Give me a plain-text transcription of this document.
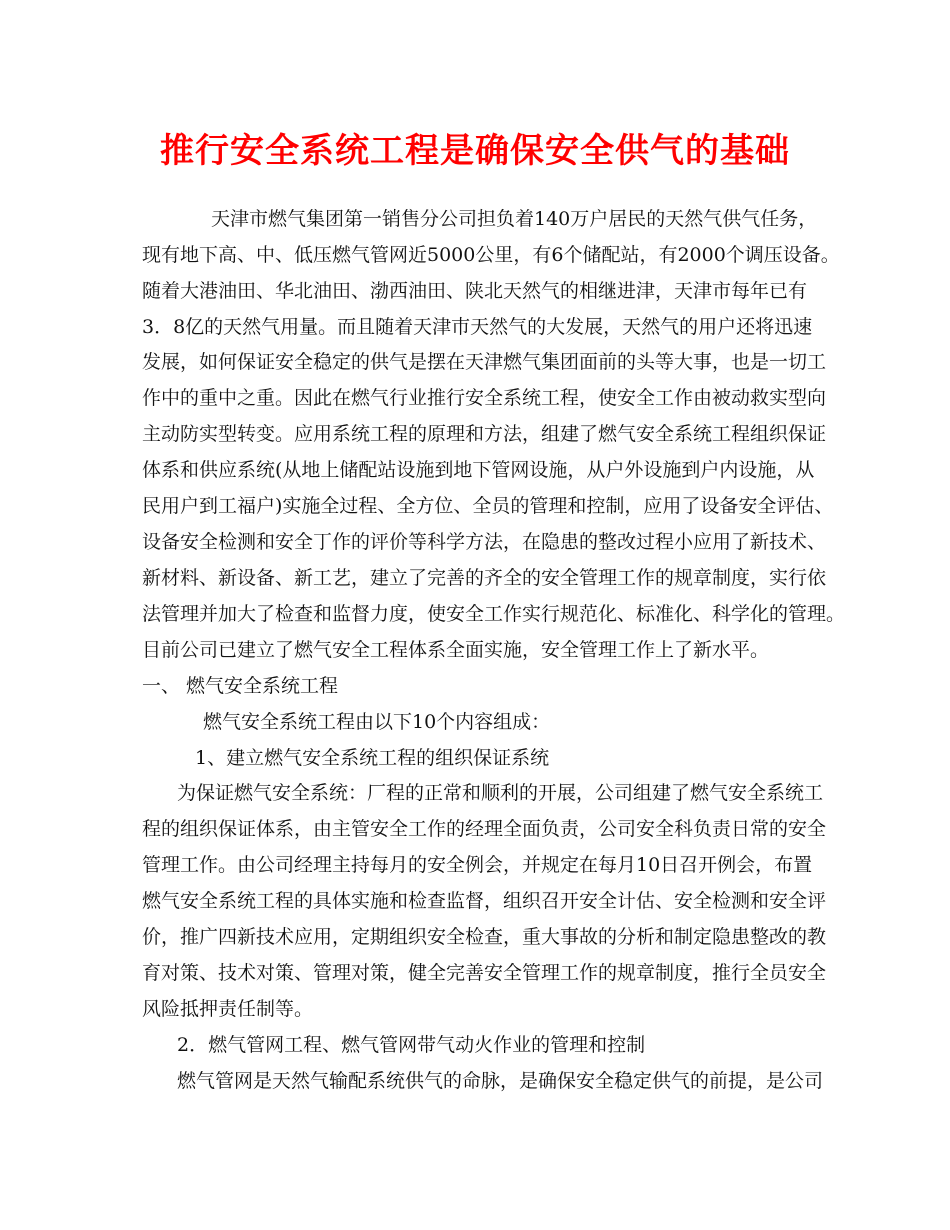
推行安全系统工程是确保安全供气的基础
天津市燃气集团第一销售分公司担负着140万户居民的天然气供气任务，
现有地下高、中、低压燃气管网近5000公里，有6个储配站，有2000个调压设备。
随着大港油田、华北油田、渤西油田、陕北天然气的相继进津，天津市每年已有
3．8亿的天然气用量。而且随着天津巿天然气的大发展，天然气的用户还将迅速
发展，如何保证安全稳定的供气是摆在天津燃气集团面前的头等大事，也是一切工
作中的重中之重。因此在燃气行业推行安全系统工程，使安全工作由被动救实型向
主动防实型转变。应用系统工程的原理和方法，组建了燃气安全系统工程组织保证
体系和供应系统(从地上储配站设施到地下管网设施，从户外设施到户内设施，从
民用户到工福户)实施全过程、全方位、全员的管理和控制，应用了设备安全评估、
设备安全检测和安全丁作的评价等科学方法，在隐患的整改过程小应用了新技术、
新材料、新设备、新工艺，建立了完善的齐全的安全管理工作的规章制度，实行依
法管理并加大了检查和监督力度，使安全工作实行规范化、标准化、科学化的管理。
目前公司已建立了燃气安全工程体系全面实施，安全管理工作上了新水平。
一、 燃气安全系统工程
燃气安全系统工程由以下10个内容组成：
1、建立燃气安全系统工程的组织保证系统
为保证燃气安全系统：厂程的正常和顺利的开展，公司组建了燃气安全系统工
程的组织保证体系，由主管安全工作的经理全面负责，公司安全科负责日常的安全
管理工作。由公司经理主持每月的安全例会，并规定在每月10日召开例会，布置
燃气安全系统工程的具体实施和检查监督，组织召开安全计估、安全检测和安全评
价，推广四新技术应用，定期组织安全检查，重大事故的分析和制定隐患整改的教
育对策、技术对策、管理对策，健全完善安全管理工作的规章制度，推行全员安全
风险抵押责任制等。
2．燃气管网工程、燃气管网带气动火作业的管理和控制
燃气管网是天然气输配系统供气的命脉，是确保安全稳定供气的前提，是公司
